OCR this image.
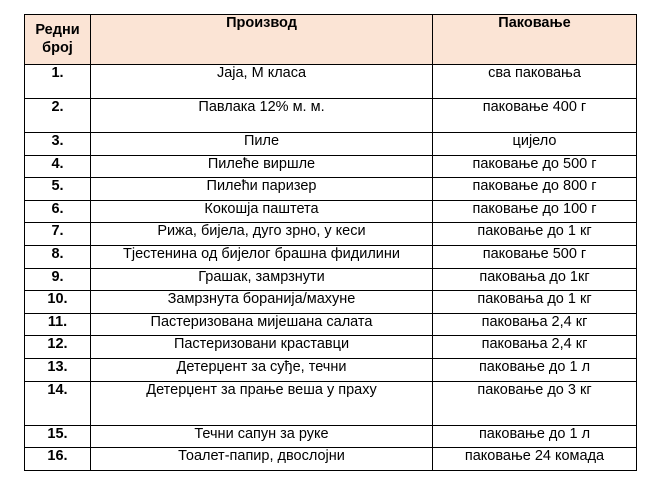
Редни број	Производ	Паковање
1.	Јаја, М класа	сва паковања
2.	Павлака 12% м. м.	паковање 400 г
3.	Пиле	цијело
4.	Пилеће виршле	паковање до 500 г
5.	Пилећи паризер	паковање до 800 г
6.	Кокошја паштета	паковање до 100 г
7.	Рижа, бијела, дуго зрно, у кеси	паковање до 1 кг
8.	Тјестенина од бијелог брашна фидилини	паковање 500 г
9.	Грашак, замрзнути	паковања до 1кг
10.	Замрзнута боранија/махуне	паковања до 1 кг
11.	Пастеризована мијешана салата	паковања 2,4 кг
12.	Пастеризовани краставци	паковања 2,4 кг
13.	Детерџент за суђе, течни	паковање до 1 л
14.	Детерџент за прање веша у праху	паковање до 3 кг
15.	Течни сапун за руке	паковање до 1 л
16.	Тоалет-папир, двослојни	паковање 24 комада
